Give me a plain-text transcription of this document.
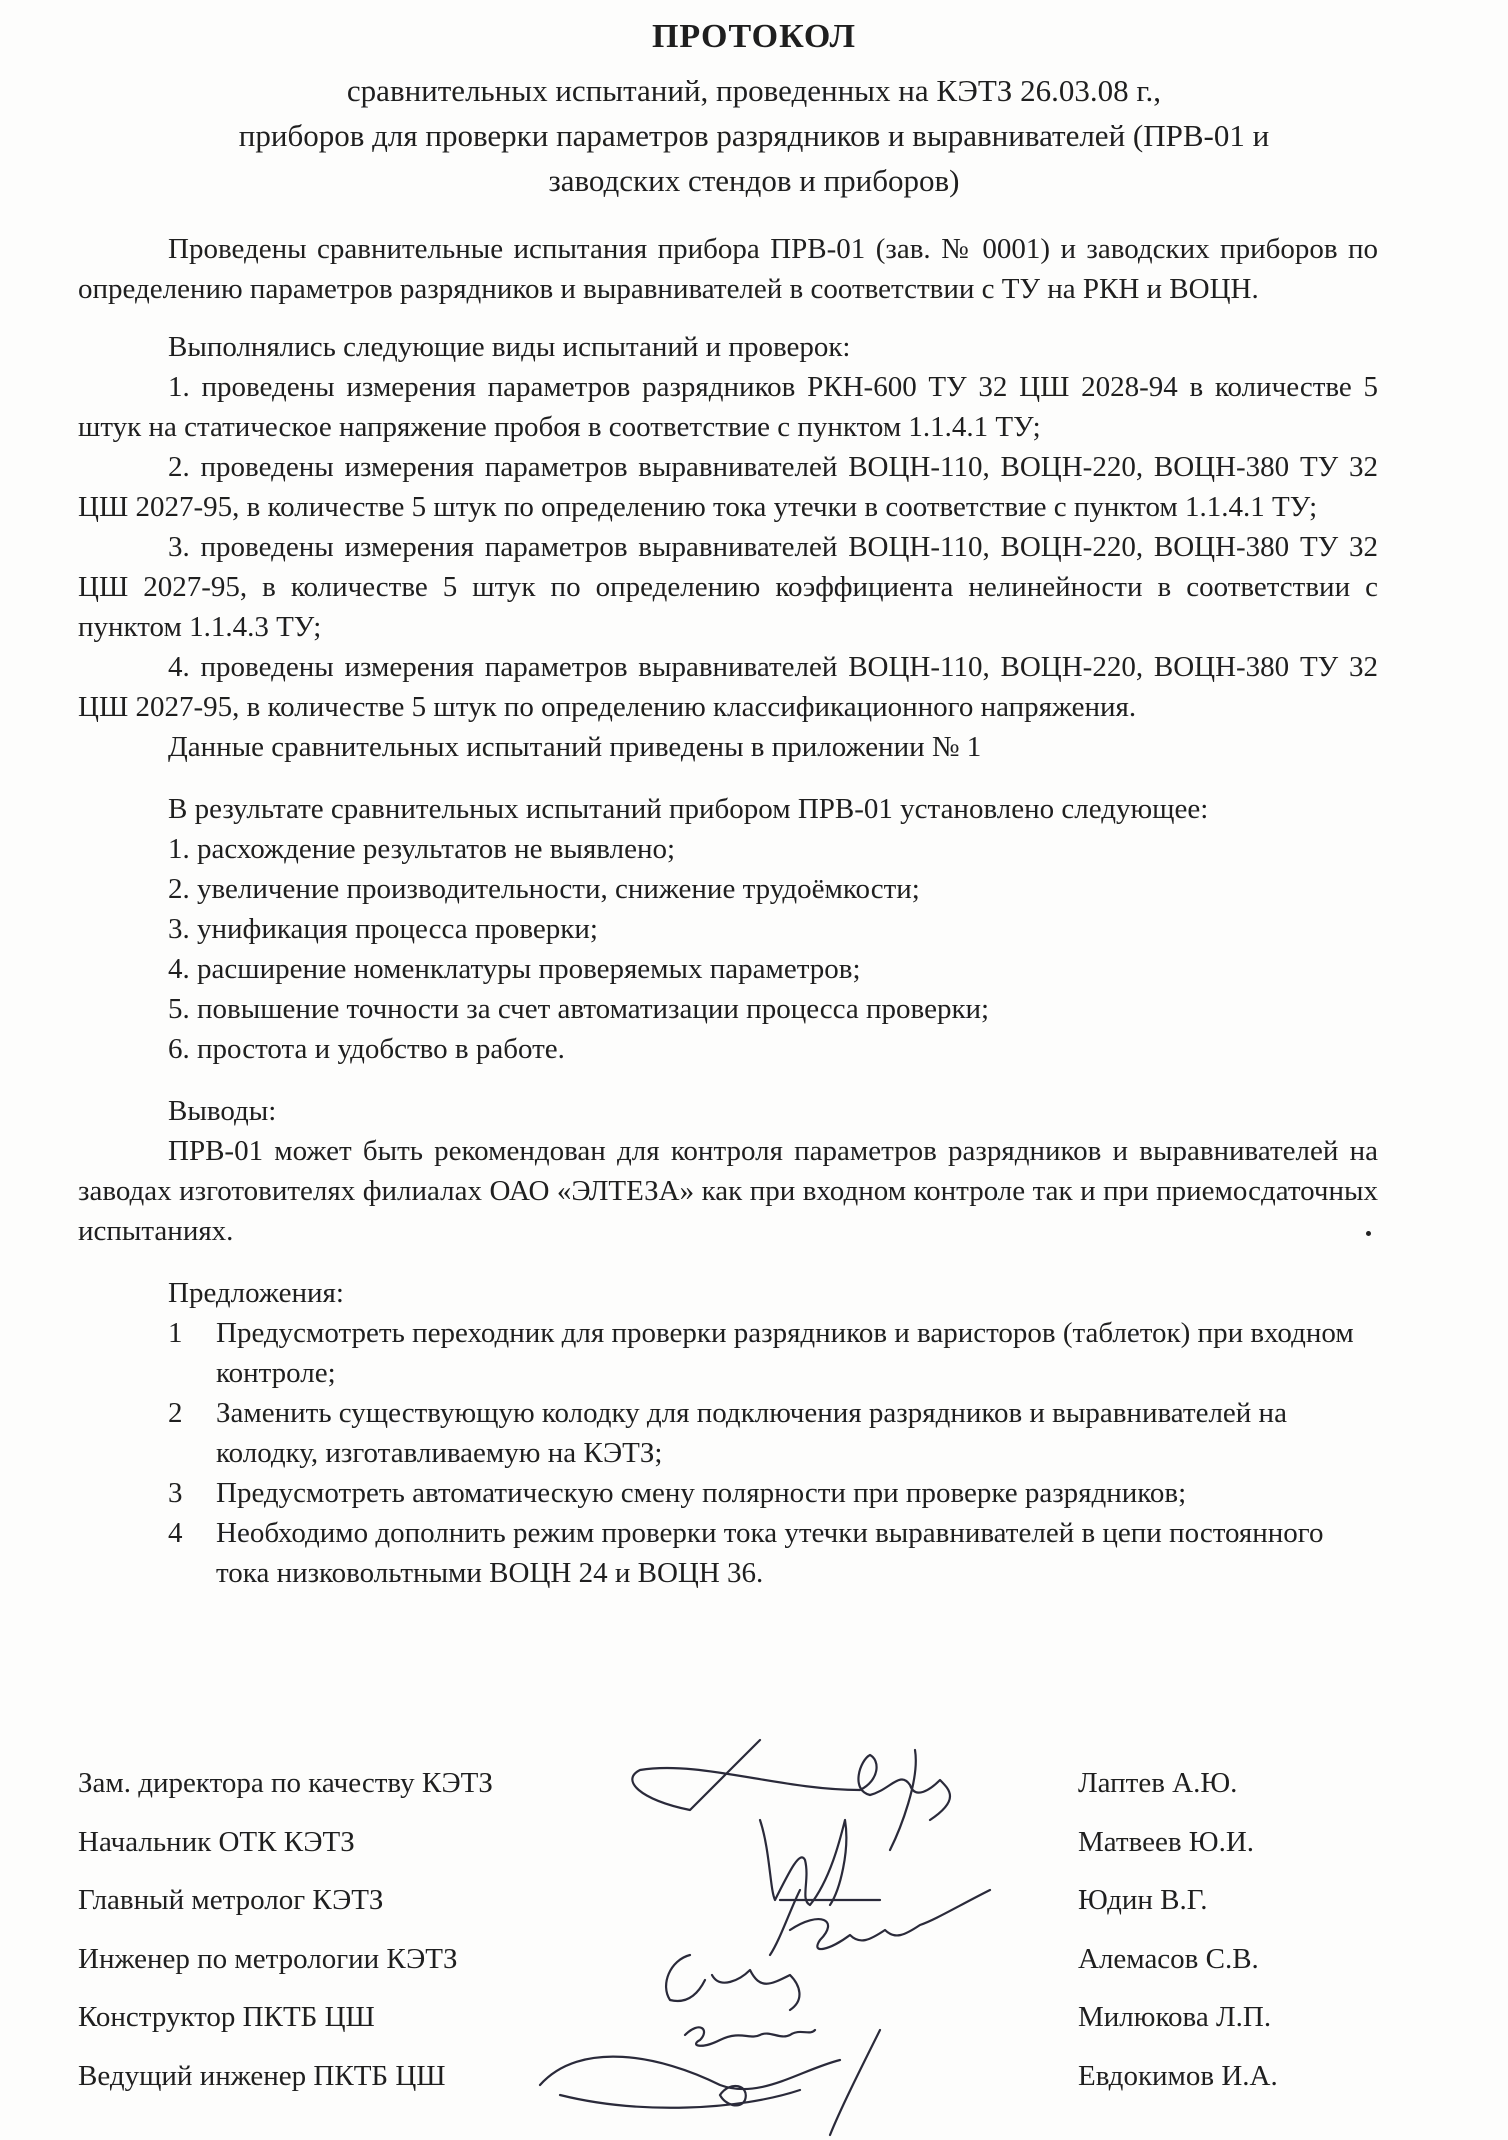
ПРОТОКОЛ
сравнительных испытаний, проведенных на КЭТЗ 26.03.08 г.,
приборов для проверки параметров разрядников и выравнивателей (ПРВ-01 и
заводских стендов и приборов)

Проведены сравнительные испытания прибора ПРВ-01 (зав. № 0001) и заводских приборов по определению параметров разрядников и выравнивателей в соответствии с ТУ на РКН и ВОЦН.

Выполнялись следующие виды испытаний и проверок:

1. проведены измерения параметров разрядников РКН-600 ТУ 32 ЦШ 2028-94 в количестве 5 штук на статическое напряжение пробоя в соответствие с пунктом 1.1.4.1 ТУ;

2. проведены измерения параметров выравнивателей ВОЦН-110, ВОЦН-220, ВОЦН-380 ТУ 32 ЦШ 2027-95, в количестве 5 штук по определению тока утечки в соответствие с пунктом 1.1.4.1 ТУ;

3. проведены измерения параметров выравнивателей ВОЦН-110, ВОЦН-220, ВОЦН-380 ТУ 32 ЦШ 2027-95, в количестве 5 штук по определению коэффициента нелинейности в соответствии с пунктом 1.1.4.3 ТУ;

4. проведены измерения параметров выравнивателей ВОЦН-110, ВОЦН-220, ВОЦН-380 ТУ 32 ЦШ 2027-95, в количестве 5 штук по определению классификационного напряжения.

Данные сравнительных испытаний приведены в приложении № 1

В результате сравнительных испытаний прибором ПРВ-01 установлено следующее:

1. расхождение результатов не выявлено;

2. увеличение производительности, снижение трудоёмкости;

3. унификация процесса проверки;

4. расширение номенклатуры проверяемых параметров;

5. повышение точности за счет автоматизации процесса проверки;

6. простота и удобство в работе.

Выводы:

ПРВ-01 может быть рекомендован для контроля параметров разрядников и выравнивателей на заводах изготовителях филиалах ОАО «ЭЛТЕЗА» как при входном контроле так и при приемосдаточных испытаниях.

Предложения:

1	Предусмотреть переходник для проверки разрядников и варисторов (таблеток) при входном контроле;
2	Заменить существующую колодку для подключения разрядников и выравнивателей на колодку, изготавливаемую на КЭТЗ;
3	Предусмотреть автоматическую смену полярности при проверке разрядников;
4	Необходимо дополнить режим проверки тока утечки выравнивателей в цепи постоянного тока низковольтными ВОЦН 24 и ВОЦН 36.
Зам. директора по качеству КЭТЗ	Лаптев А.Ю.
Начальник ОТК КЭТЗ	Матвеев Ю.И.
Главный метролог КЭТЗ	Юдин В.Г.
Инженер по метрологии КЭТЗ	Алемасов С.В.
Конструктор ПКТБ ЦШ	Милюкова Л.П.
Ведущий инженер ПКТБ ЦШ	Евдокимов И.А.
